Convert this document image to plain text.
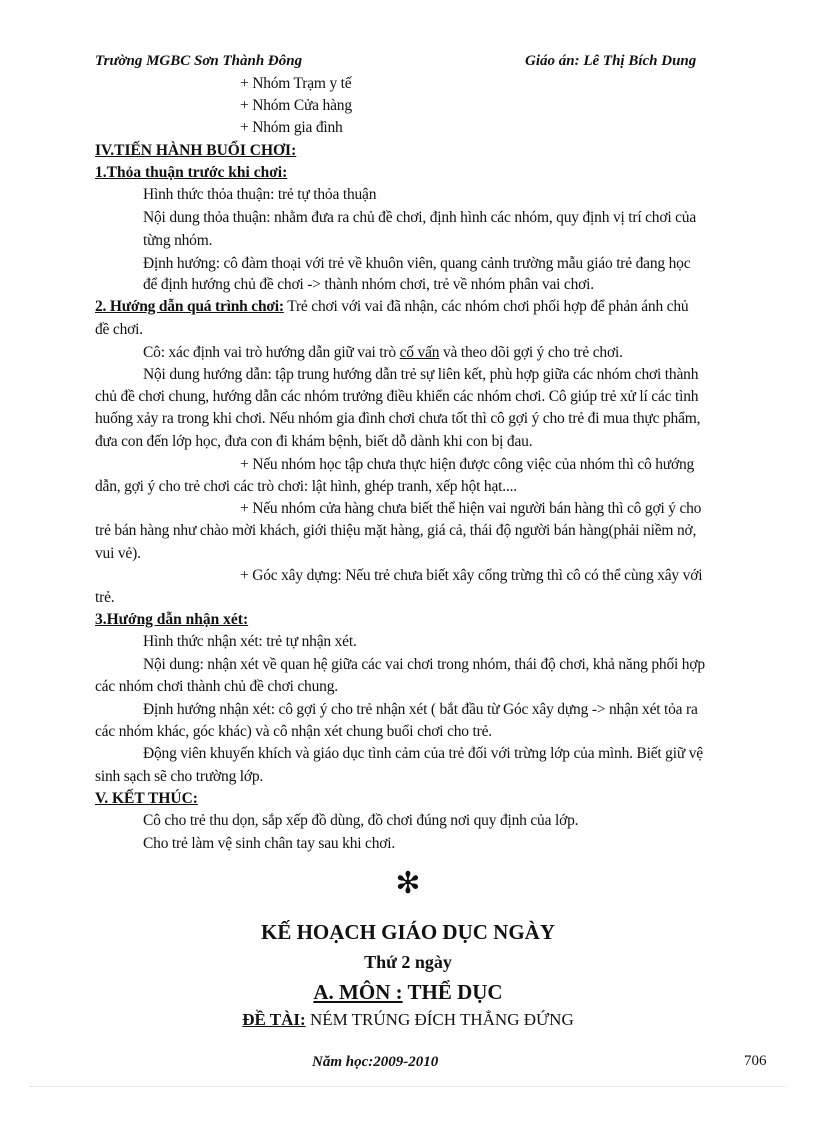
Trường MGBC Sơn Thành Đông	Giáo án: Lê Thị Bích Dung
+ Nhóm Trạm y tế
+ Nhóm Cửa hàng
+ Nhóm gia đình
IV.TIẾN HÀNH BUỔI CHƠI:
1.Thỏa thuận trước khi chơi:
Hình thức thỏa thuận: trẻ tự thỏa thuận
Nội dung thỏa thuận: nhằm đưa ra chủ đề chơi, định hình các nhóm, quy định vị trí chơi của
từng nhóm.
Định hướng: cô đàm thoại với trẻ về khuôn viên, quang cảnh trường mẫu giáo trẻ đang học
để định hướng chủ đề chơi -> thành nhóm chơi, trẻ về nhóm phân vai chơi.
2. Hướng dẫn quá trình chơi: Trẻ chơi với vai đã nhận, các nhóm chơi phối hợp để phản ánh chủ
đề chơi.
Cô: xác định vai trò hướng dẫn giữ vai trò cố vấn và theo dõi gợi ý cho trẻ chơi.
Nội dung hướng dẫn: tập trung hướng dẫn trẻ sự liên kết, phù hợp giữa các nhóm chơi thành
chủ đề chơi chung, hướng dẫn các nhóm trưởng điều khiển các nhóm chơi. Cô giúp trẻ xử lí các tình
huống xảy ra trong khi chơi. Nếu nhóm gia đình chơi chưa tốt thì cô gợi ý cho trẻ đi mua thực phẩm,
đưa con đến lớp học, đưa con đi khám bệnh, biết dỗ dành khi con bị đau.
+ Nếu nhóm học tập chưa thực hiện được công việc của nhóm thì cô hướng
dẫn, gợi ý cho trẻ chơi các trò chơi: lật hình, ghép tranh, xếp hột hạt....
+ Nếu nhóm cửa hàng chưa biết thể hiện vai người bán hàng thì cô gợi ý cho
trẻ bán hàng như chào mời khách, giới thiệu mặt hàng, giá cả, thái độ người bán hàng(phải niềm nở,
vui vẻ).
+ Góc xây dựng: Nếu trẻ chưa biết xây cổng trừng thì cô có thể cùng xây với
trẻ.
3.Hướng dẫn nhận xét:
Hình thức nhận xét: trẻ tự nhận xét.
Nội dung: nhận xét về quan hệ giữa các vai chơi trong nhóm, thái độ chơi, khả năng phối hợp
các nhóm chơi thành chủ đề chơi chung.
Định hướng nhận xét: cô gợi ý cho trẻ nhận xét ( bắt đầu từ Góc xây dựng -> nhận xét tỏa ra
các nhóm khác, góc khác) và cô nhận xét chung buổi chơi cho trẻ.
Động viên khuyến khích và giáo dục tình cảm của trẻ đối với trừng lớp của mình. Biết giữ vệ
sinh sạch sẽ cho trường lớp.
V. KẾT THÚC:
Cô cho trẻ thu dọn, sắp xếp đồ dùng, đồ chơi đúng nơi quy định của lớp.
Cho trẻ làm vệ sinh chân tay sau khi chơi.
✻
KẾ HOẠCH GIÁO DỤC NGÀY
Thứ 2 ngày
A. MÔN : THỂ DỤC
ĐỀ TÀI: NÉM TRÚNG ĐÍCH THẲNG ĐỨNG
Năm học:2009-2010	706
